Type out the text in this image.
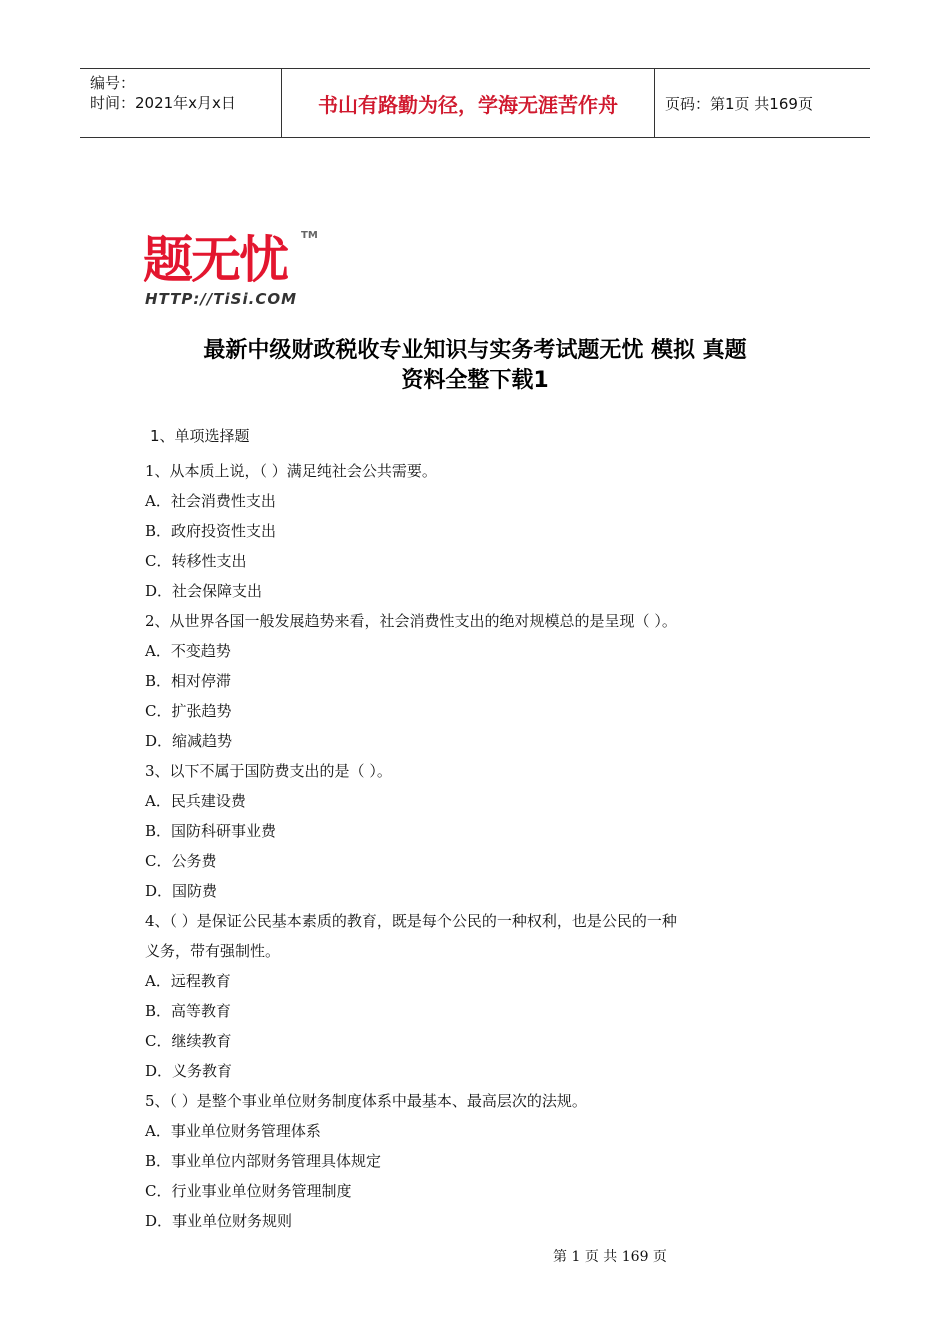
编号：
时间：2021年x月x日	书山有路勤为径，学海无涯苦作舟	页码：第1页 共169页
题无忧 TM
HTTP://TiSi.COM
最新中级财政税收专业知识与实务考试题无忧 模拟 真题
资料全整下载1
1、单项选择题
1、从本质上说，（ ）满足纯社会公共需要。
A．社会消费性支出
B．政府投资性支出
C．转移性支出
D．社会保障支出
2、从世界各国一般发展趋势来看，社会消费性支出的绝对规模总的是呈现（ ）。
A．不变趋势
B．相对停滞
C．扩张趋势
D．缩减趋势
3、以下不属于国防费支出的是（ ）。
A．民兵建设费
B．国防科研事业费
C．公务费
D．国防费
4、（ ）是保证公民基本素质的教育，既是每个公民的一种权利，也是公民的一种
义务，带有强制性。
A．远程教育
B．高等教育
C．继续教育
D．义务教育
5、（ ）是整个事业单位财务制度体系中最基本、最高层次的法规。
A．事业单位财务管理体系
B．事业单位内部财务管理具体规定
C．行业事业单位财务管理制度
D．事业单位财务规则
第 1 页 共 169 页
